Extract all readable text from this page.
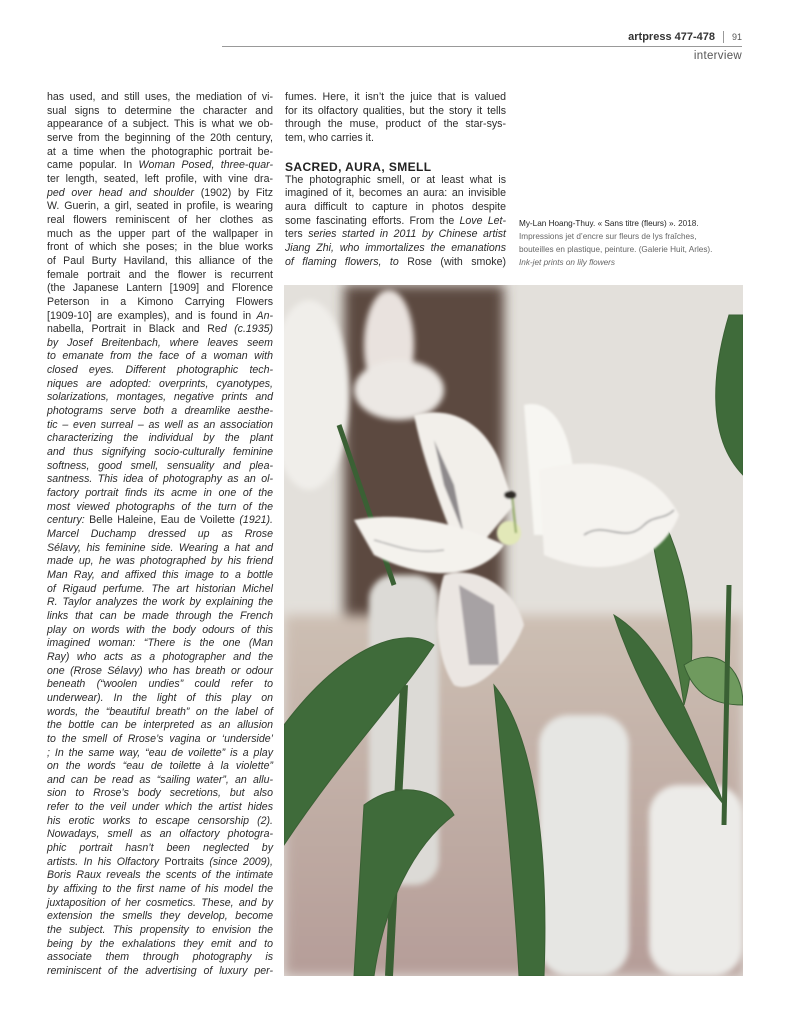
artpress 477-478 91
interview
has used, and still uses, the mediation of vi-
sual signs to determine the character and
appearance of a subject. This is what we ob-
serve from the beginning of the 20th century,
at a time when the photographic portrait be-
came popular. In Woman Posed, three-quar-
ter length, seated, left profile, with vine dra-
ped over head and shoulder (1902) by Fitz
W. Guerin, a girl, seated in profile, is wearing
real flowers reminiscent of her clothes as
much as the upper part of the wallpaper in
front of which she poses; in the blue works
of Paul Burty Haviland, this alliance of the
female portrait and the flower is recurrent
(the Japanese Lantern [1909] and Florence
Peterson in a Kimono Carrying Flowers
[1909-10] are examples), and is found in An-
nabella, Portrait in Black and Red (c.1935)
by Josef Breitenbach, where leaves seem
to emanate from the face of a woman with
closed eyes. Different photographic tech-
niques are adopted: overprints, cyanotypes,
solarizations, montages, negative prints and
photograms serve both a dreamlike aesthe-
tic – even surreal – as well as an association
characterizing the individual by the plant
and thus signifying socio-culturally feminine
softness, good smell, sensuality and plea-
santness. This idea of photography as an ol-
factory portrait finds its acme in one of the
most viewed photographs of the turn of the
century: Belle Haleine, Eau de Voilette (1921).
Marcel Duchamp dressed up as Rrose
Sélavy, his feminine side. Wearing a hat and
made up, he was photographed by his friend
Man Ray, and affixed this image to a bottle
of Rigaud perfume. The art historian Michel
R. Taylor analyzes the work by explaining the
links that can be made through the French
play on words with the body odours of this
imagined woman: “There is the one (Man
Ray) who acts as a photographer and the
one (Rrose Sélavy) who has breath or odour
beneath (“woolen undies” could refer to
underwear). In the light of this play on
words, the “beautiful breath” on the label of
the bottle can be interpreted as an allusion
to the smell of Rrose’s vagina or ‘underside’
; In the same way, “eau de voilette” is a play
on the words “eau de toilette à la violette”
and can be read as “sailing water”, an allu-
sion to Rrose’s body secretions, but also
refer to the veil under which the artist hides
his erotic works to escape censorship (2).
Nowadays, smell as an olfactory photogra-
phic portrait hasn’t been neglected by
artists. In his Olfactory Portraits (since 2009),
Boris Raux reveals the scents of the intimate
by affixing to the first name of his model the
juxtaposition of her cosmetics. These, and by
extension the smells they develop, become
the subject. This propensity to envision the
being by the exhalations they emit and to
associate them through photography is
reminiscent of the advertising of luxury per-
fumes. Here, it isn’t the juice that is valued
for its olfactory qualities, but the story it tells
through the muse, product of the star-sys-
tem, who carries it.
SACRED, AURA, SMELL
The photographic smell, or at least what is
imagined of it, becomes an aura: an invisible
aura difficult to capture in photos despite
some fascinating efforts. From the Love Let-
ters series started in 2011 by Chinese artist
Jiang Zhi, who immortalizes the emanations
of flaming flowers, to Rose (with smoke)
My-Lan Hoang-Thuy. « Sans titre (fleurs) ». 2018.
Impressions jet d’encre sur fleurs de lys fraîches,
bouteilles en plastique, peinture. (Galerie Huit, Arles).
Ink-jet prints on lily flowers
